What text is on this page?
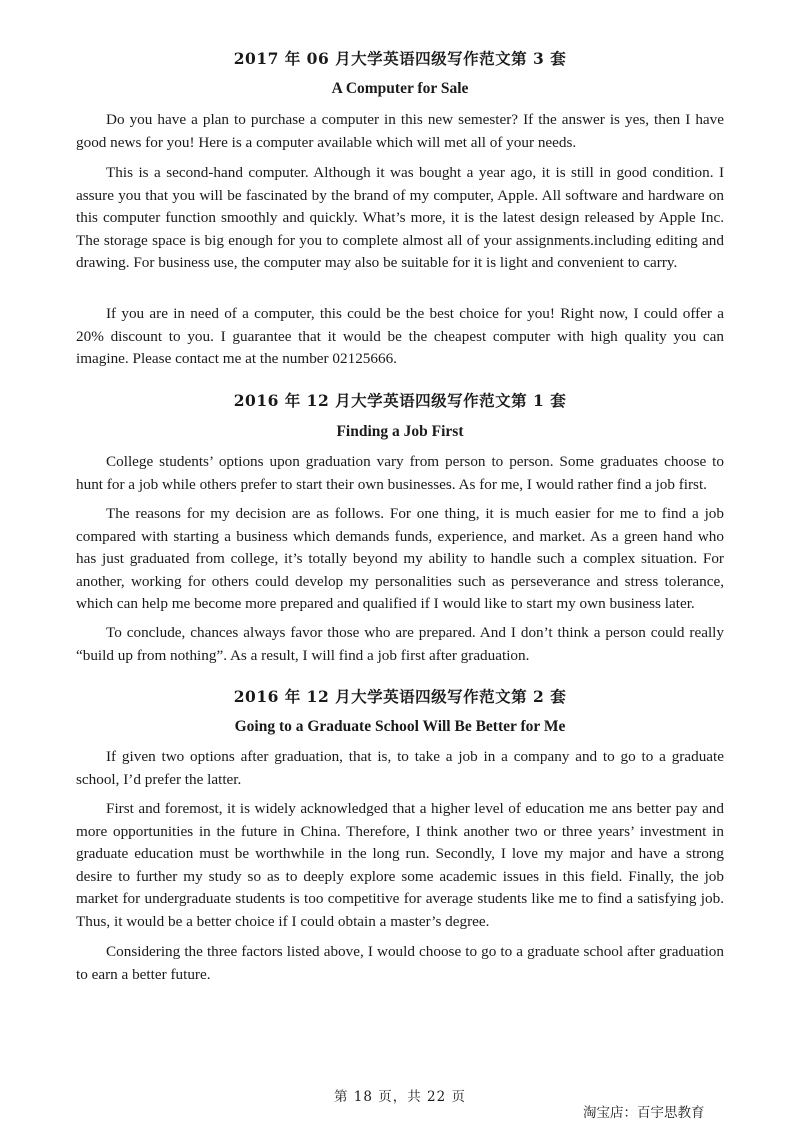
2017 年 06 月大学英语四级写作范文第 3 套
A Computer for Sale

Do you have a plan to purchase a computer in this new semester? If the answer is yes, then I have good news for you! Here is a computer available which will met all of your needs.

This is a second-hand computer. Although it was bought a year ago, it is still in good condition. I assure you that you will be fascinated by the brand of my computer, Apple. All software and hardware on this computer function smoothly and quickly. What’s more, it is the latest design released by Apple Inc. The storage space is big enough for you to complete almost all of your assignments.including editing and drawing. For business use, the computer may also be suitable for it is light and convenient to carry.

If you are in need of a computer, this could be the best choice for you! Right now, I could offer a 20% discount to you. I guarantee that it would be the cheapest computer with high quality you can imagine. Please contact me at the number 02125666.

2016 年 12 月大学英语四级写作范文第 1 套
Finding a Job First

College students’ options upon graduation vary from person to person. Some graduates choose to hunt for a job while others prefer to start their own businesses. As for me, I would rather find a job first.

The reasons for my decision are as follows. For one thing, it is much easier for me to find a job compared with starting a business which demands funds, experience, and market. As a green hand who has just graduated from college, it’s totally beyond my ability to handle such a complex situation. For another, working for others could develop my personalities such as perseverance and stress tolerance, which can help me become more prepared and qualified if I would like to start my own business later.

To conclude, chances always favor those who are prepared. And I don’t think a person could really “build up from nothing”. As a result, I will find a job first after graduation.

2016 年 12 月大学英语四级写作范文第 2 套
Going to a Graduate School Will Be Better for Me

If given two options after graduation, that is, to take a job in a company and to go to a graduate school, I’d prefer the latter.

First and foremost, it is widely acknowledged that a higher level of education me ans better pay and more opportunities in the future in China. Therefore, I think another two or three years’ investment in graduate education must be worthwhile in the long run. Secondly, I love my major and have a strong desire to further my study so as to deeply explore some academic issues in this field. Finally, the job market for undergraduate students is too competitive for average students like me to find a satisfying job. Thus, it would be a better choice if I could obtain a master’s degree.

Considering the three factors listed above, I would choose to go to a graduate school after graduation to earn a better future.

第 18 页，共 22 页
淘宝店：百宇思教育
